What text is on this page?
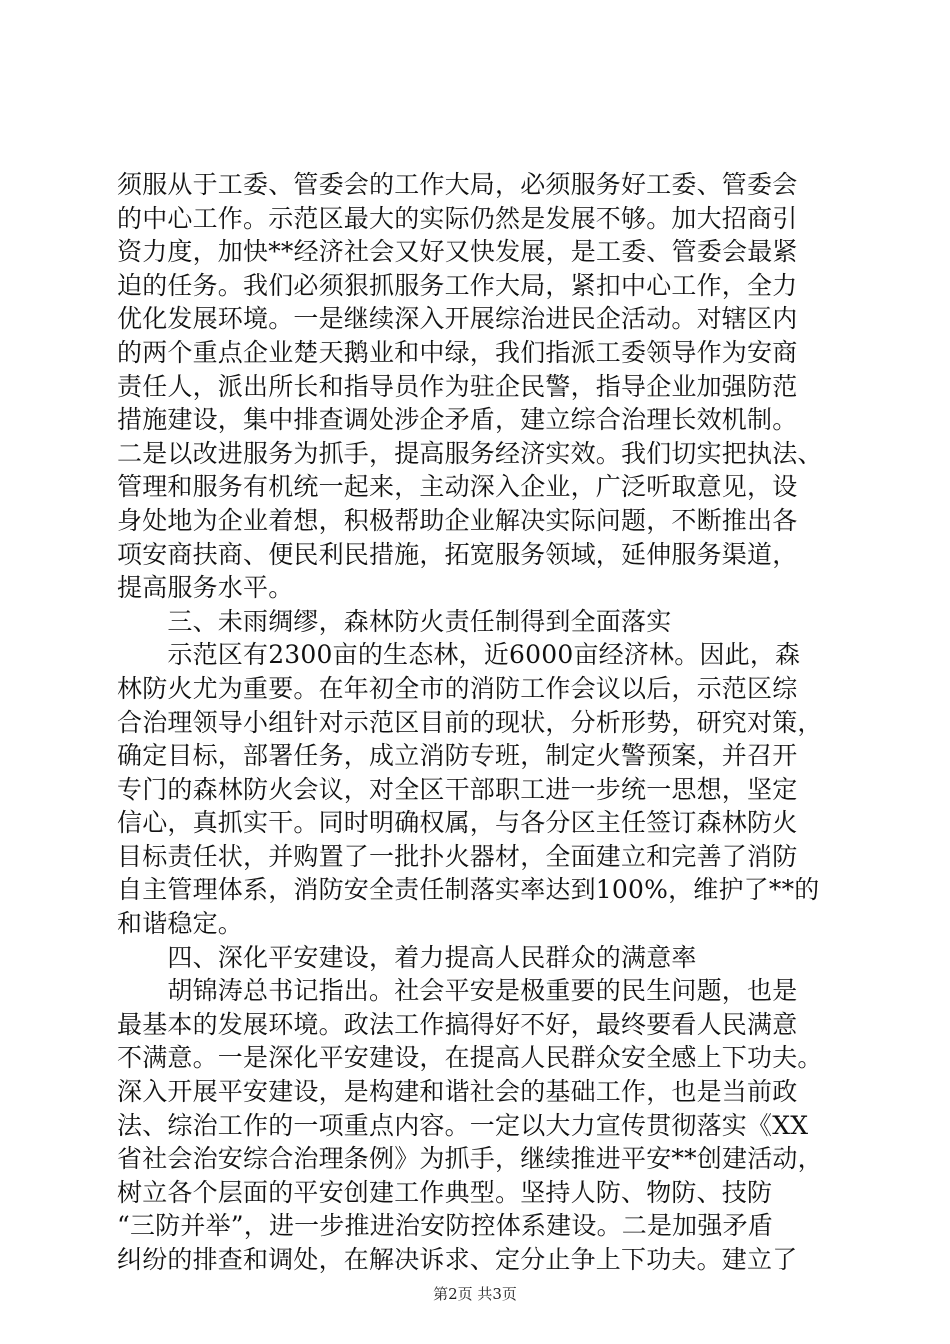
须服从于工委、管委会的工作大局，必须服务好工委、管委会
的中心工作。示范区最大的实际仍然是发展不够。加大招商引
资力度，加快**经济社会又好又快发展，是工委、管委会最紧
迫的任务。我们必须狠抓服务工作大局，紧扣中心工作，全力
优化发展环境。一是继续深入开展综治进民企活动。对辖区内
的两个重点企业楚天鹅业和中绿，我们指派工委领导作为安商
责任人，派出所长和指导员作为驻企民警，指导企业加强防范
措施建设，集中排查调处涉企矛盾，建立综合治理长效机制。
二是以改进服务为抓手，提高服务经济实效。我们切实把执法、
管理和服务有机统一起来，主动深入企业，广泛听取意见，设
身处地为企业着想，积极帮助企业解决实际问题，不断推出各
项安商扶商、便民利民措施，拓宽服务领域，延伸服务渠道，
提高服务水平。
　　三、未雨绸缪，森林防火责任制得到全面落实
　　示范区有2300亩的生态林，近6000亩经济林。因此，森
林防火尤为重要。在年初全市的消防工作会议以后，示范区综
合治理领导小组针对示范区目前的现状，分析形势，研究对策，
确定目标，部署任务，成立消防专班，制定火警预案，并召开
专门的森林防火会议，对全区干部职工进一步统一思想，坚定
信心，真抓实干。同时明确权属，与各分区主任签订森林防火
目标责任状，并购置了一批扑火器材，全面建立和完善了消防
自主管理体系，消防安全责任制落实率达到100%，维护了**的
和谐稳定。
　　四、深化平安建设，着力提高人民群众的满意率
　　胡锦涛总书记指出。社会平安是极重要的民生问题，也是
最基本的发展环境。政法工作搞得好不好，最终要看人民满意
不满意。一是深化平安建设，在提高人民群众安全感上下功夫。
深入开展平安建设，是构建和谐社会的基础工作，也是当前政
法、综治工作的一项重点内容。一定以大力宣传贯彻落实《XX
省社会治安综合治理条例》为抓手，继续推进平安**创建活动，
树立各个层面的平安创建工作典型。坚持人防、物防、技防
“三防并举”，进一步推进治安防控体系建设。二是加强矛盾
纠纷的排查和调处，在解决诉求、定分止争上下功夫。建立了
第2页 共3页
